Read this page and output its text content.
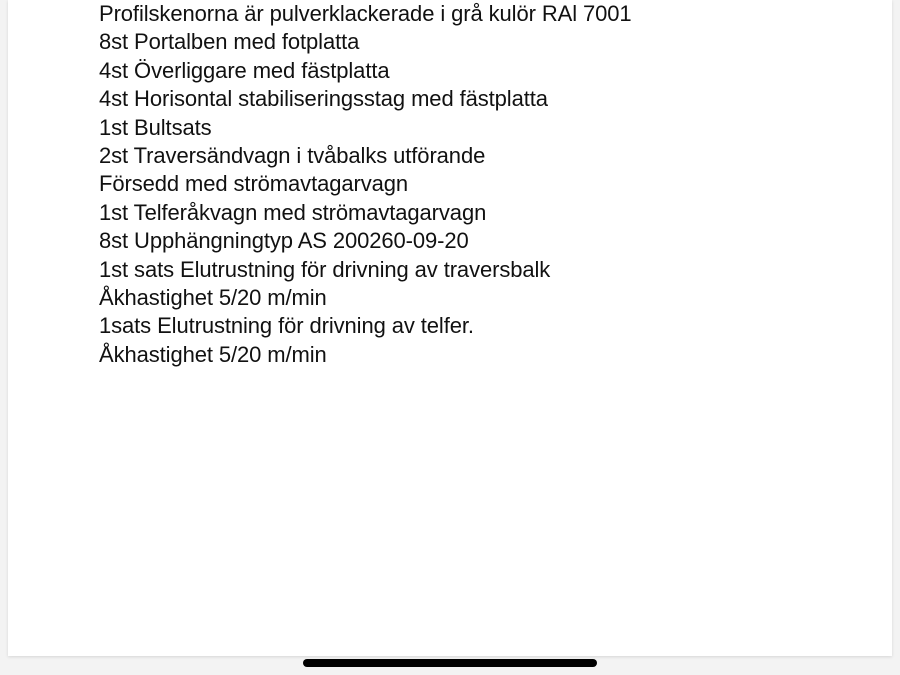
Profilskenorna är pulverklackerade i grå kulör RAl 7001
8st Portalben med fotplatta
4st Överliggare med fästplatta
4st Horisontal stabiliseringsstag med fästplatta
1st Bultsats
2st Traversändvagn i tvåbalks utförande
Försedd med strömavtagarvagn
1st Telferåkvagn med strömavtagarvagn
8st Upphängningtyp AS 200260-09-20
1st sats Elutrustning för drivning av traversbalk
Åkhastighet 5/20 m/min
1sats Elutrustning för drivning av telfer.
Åkhastighet 5/20 m/min
